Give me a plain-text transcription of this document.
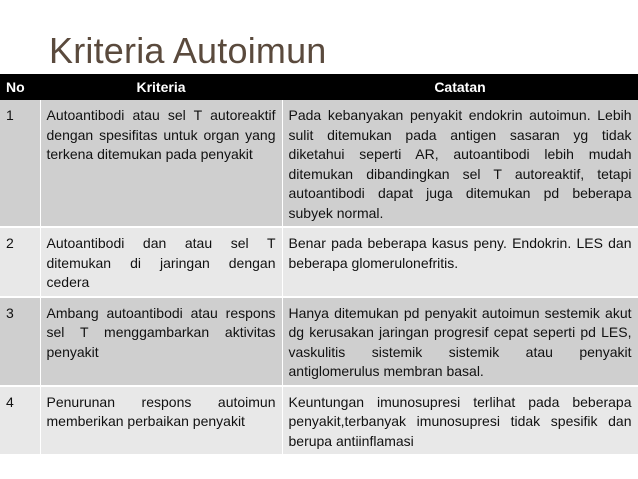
Kriteria Autoimun
No	Kriteria	Catatan
1	Autoantibodi atau sel T autoreaktif dengan spesifitas untuk organ yang terkena ditemukan pada penyakit	Pada kebanyakan penyakit endokrin autoimun. Lebih sulit ditemukan pada antigen sasaran yg tidak diketahui seperti AR, autoantibodi lebih mudah ditemukan dibandingkan sel T autoreaktif, tetapi autoantibodi dapat juga ditemukan pd beberapa subyek normal.
2	Autoantibodi dan atau sel T ditemukan di jaringan dengan cedera	Benar pada beberapa kasus peny. Endokrin. LES dan beberapa glomerulonefritis.
3	Ambang autoantibodi atau respons sel T menggambarkan aktivitas penyakit	Hanya ditemukan pd penyakit autoimun sestemik akut dg kerusakan jaringan progresif cepat seperti pd LES, vaskulitis sistemik sistemik atau penyakit antiglomerulus membran basal.
4	Penurunan respons autoimun memberikan perbaikan penyakit	Keuntungan imunosupresi terlihat pada beberapa penyakit,terbanyak imunosupresi tidak spesifik dan berupa antiinflamasi
